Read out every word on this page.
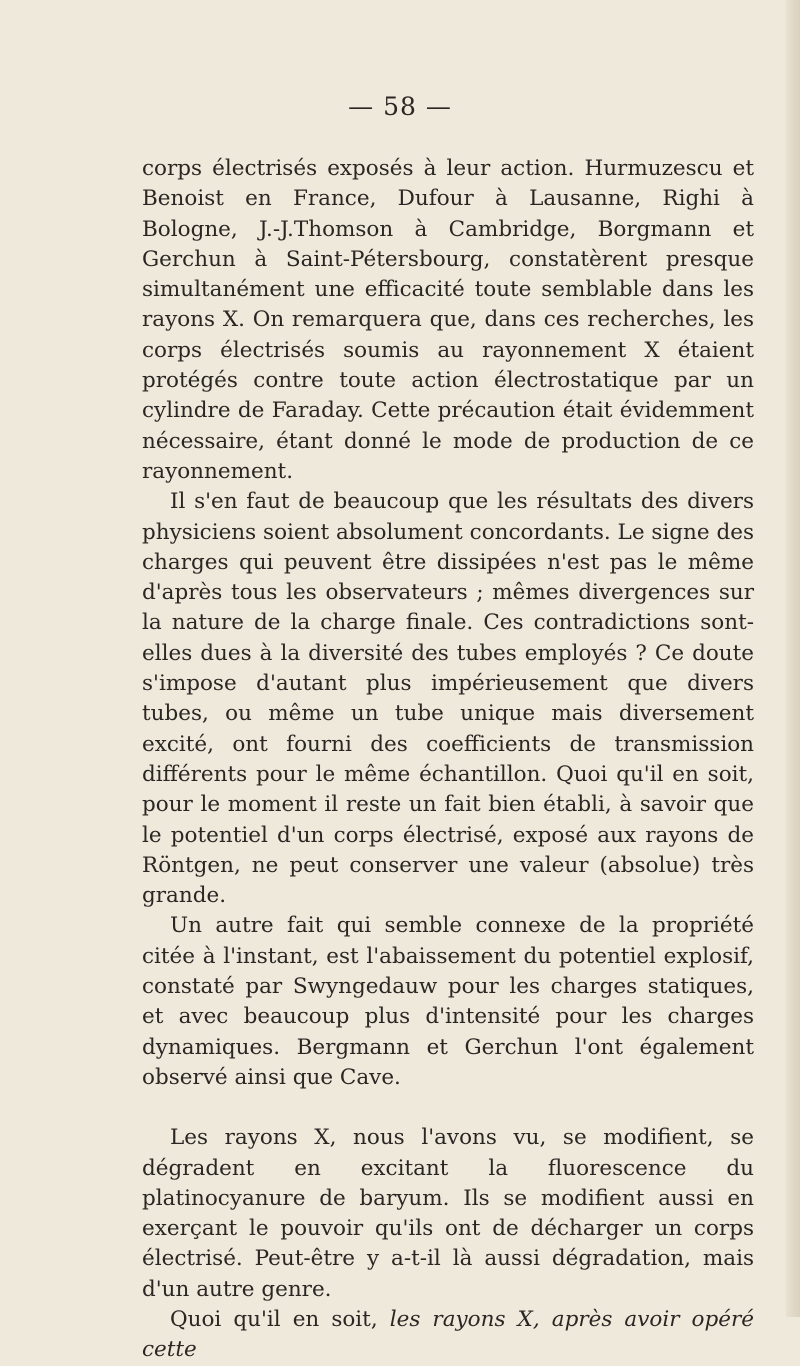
— 58 —

corps électrisés exposés à leur action. Hurmuzescu et Benoist en France, Dufour à Lausanne, Righi à Bologne, J.-J.Thomson à Cambridge, Borgmann et Gerchun à Saint-Pétersbourg, constatèrent presque simultanément une efficacité toute semblable dans les rayons X. On remarquera que, dans ces recherches, les corps électrisés soumis au rayonnement X étaient protégés contre toute action électrostatique par un cylindre de Faraday. Cette précaution était évidemment nécessaire, étant donné le mode de production de ce rayonnement.

Il s'en faut de beaucoup que les résultats des divers physiciens soient absolument concordants. Le signe des charges qui peuvent être dissipées n'est pas le même d'après tous les observateurs ; mêmes divergences sur la nature de la charge finale. Ces contradictions sont-elles dues à la diversité des tubes employés ? Ce doute s'impose d'autant plus impérieusement que divers tubes, ou même un tube unique mais diversement excité, ont fourni des coefficients de transmission différents pour le même échantillon. Quoi qu'il en soit, pour le moment il reste un fait bien établi, à savoir que le potentiel d'un corps électrisé, exposé aux rayons de Röntgen, ne peut conserver une valeur (absolue) très grande.

Un autre fait qui semble connexe de la propriété citée à l'instant, est l'abaissement du potentiel explosif, constaté par Swyngedauw pour les charges statiques, et avec beaucoup plus d'intensité pour les charges dynamiques. Bergmann et Gerchun l'ont également observé ainsi que Cave.

Les rayons X, nous l'avons vu, se modifient, se dégradent en excitant la fluorescence du platinocyanure de baryum. Ils se modifient aussi en exerçant le pouvoir qu'ils ont de décharger un corps électrisé. Peut-être y a-t-il là aussi dégradation, mais d'un autre genre.

Quoi qu'il en soit, les rayons X, après avoir opéré cette
